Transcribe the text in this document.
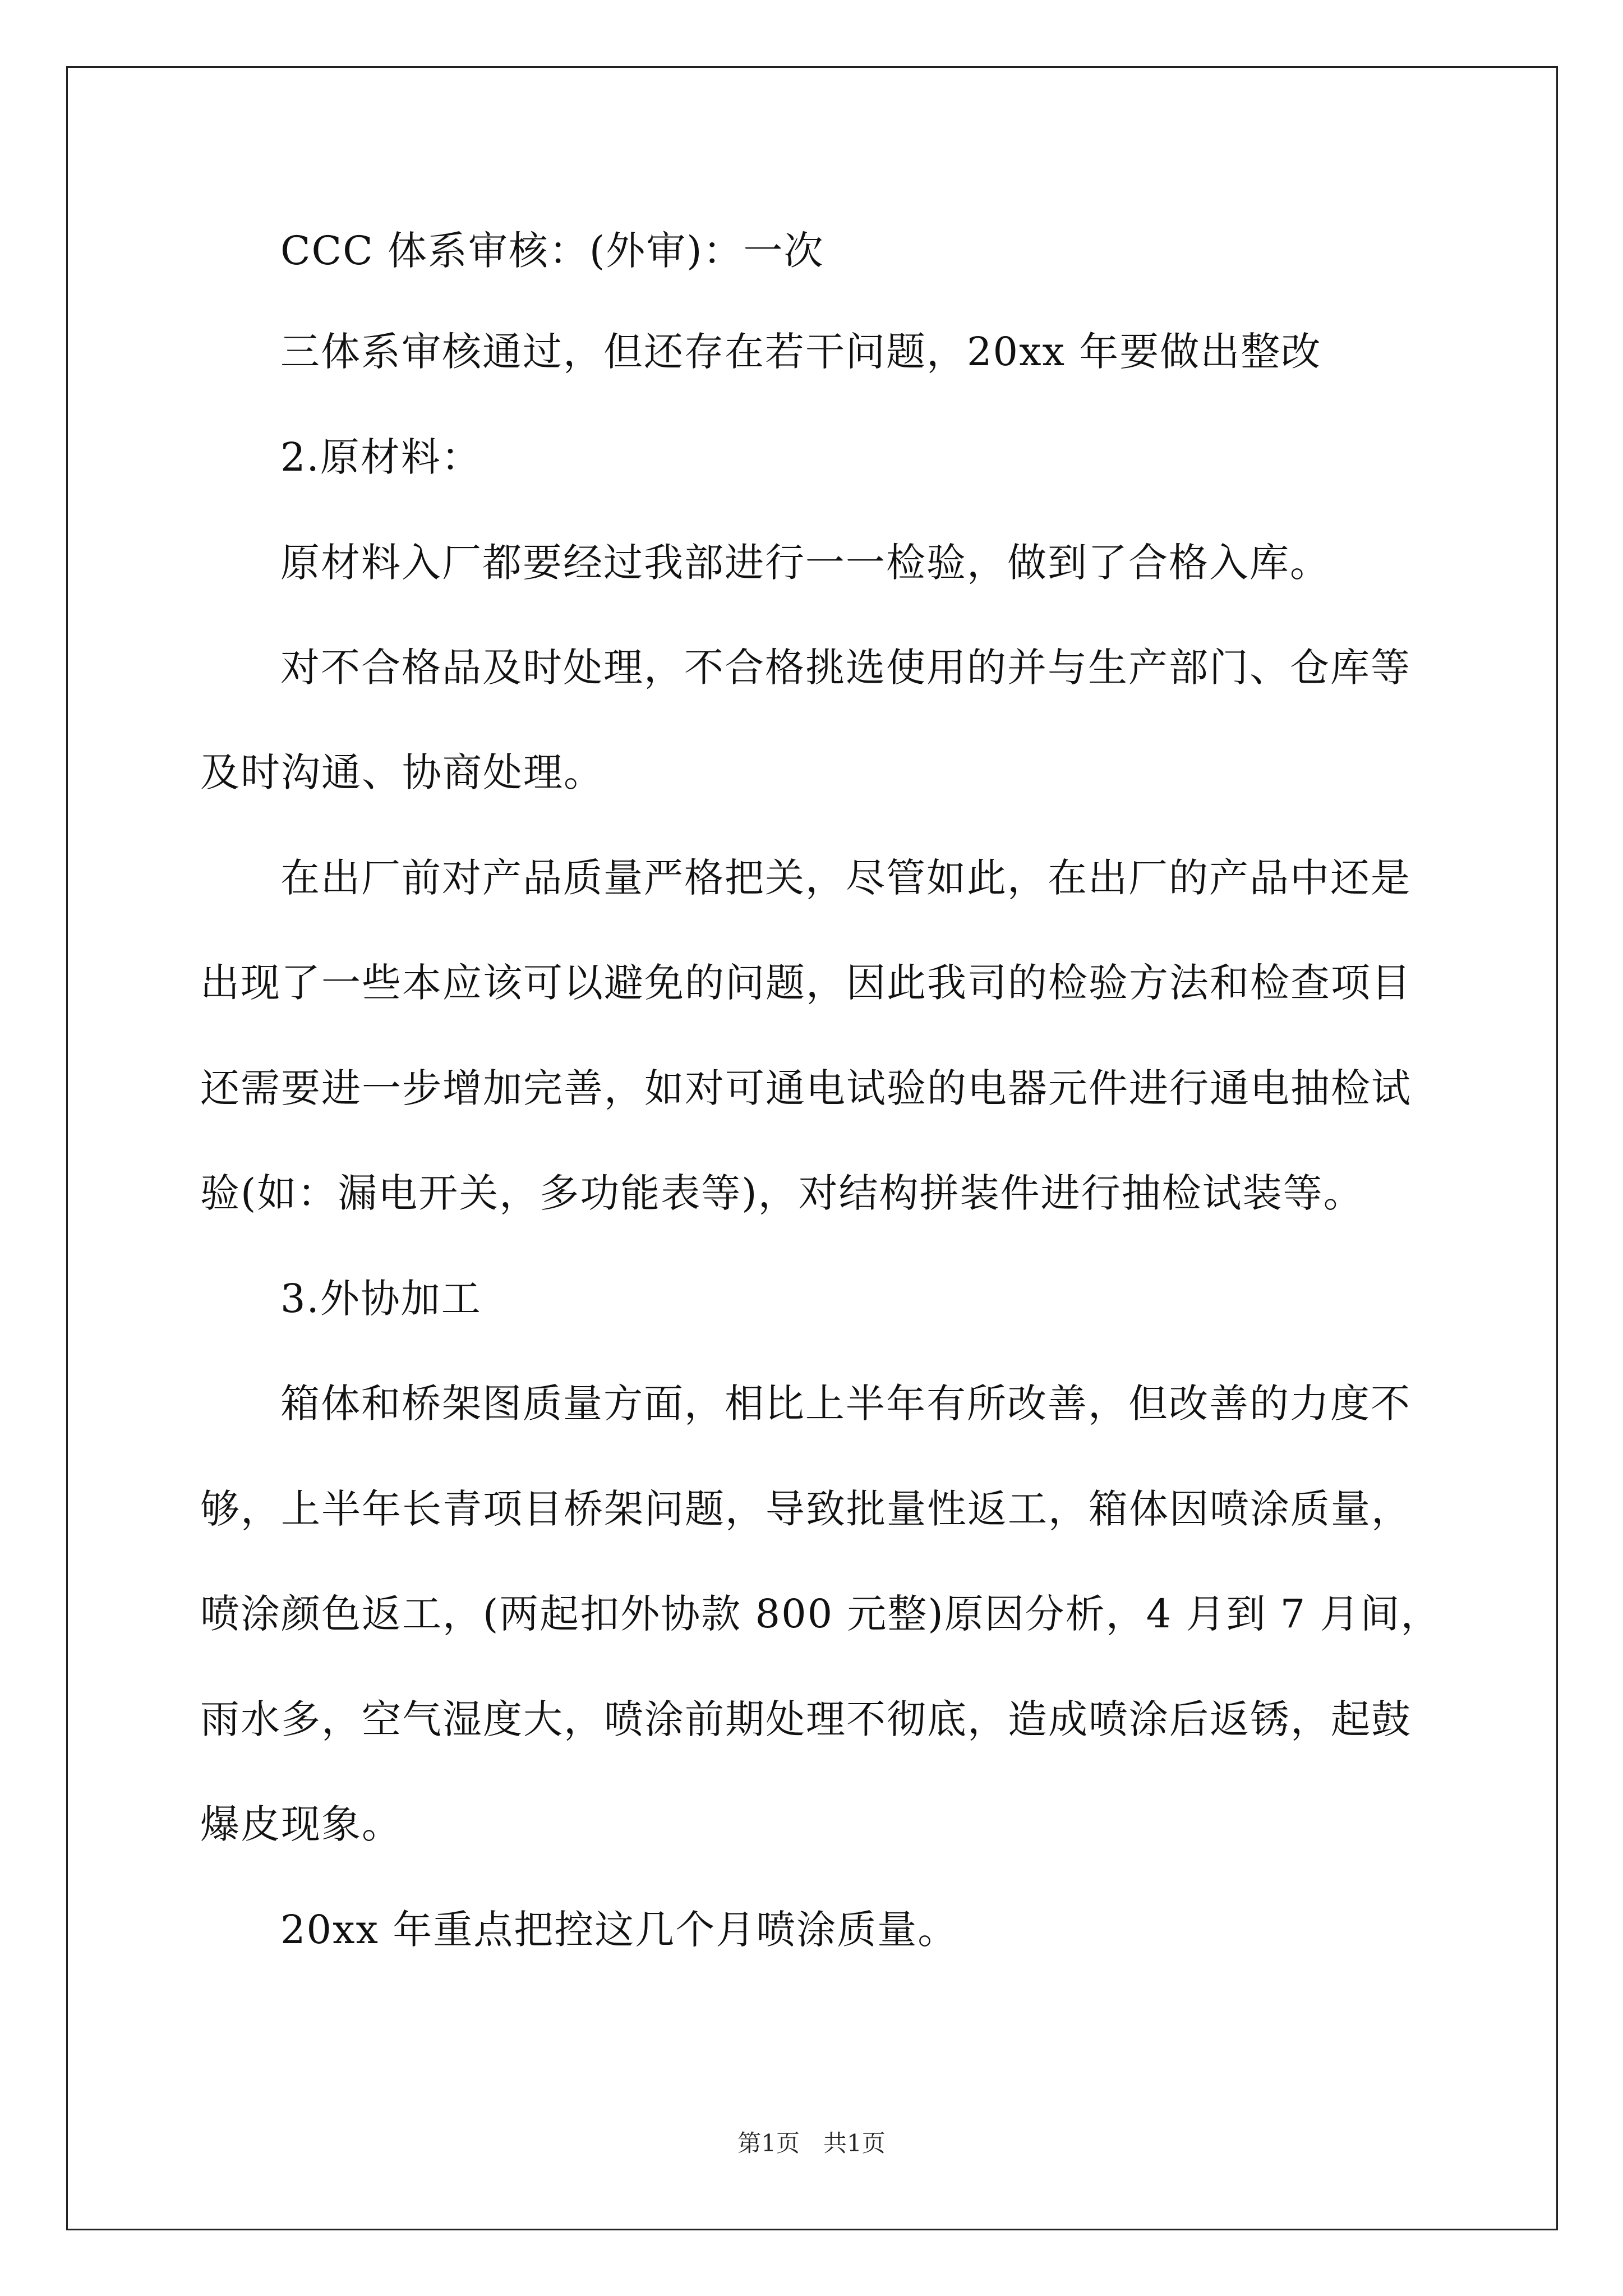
CCC 体系审核：(外审)：一次
三体系审核通过，但还存在若干问题，20xx 年要做出整改
2.原材料：
原材料入厂都要经过我部进行一一检验，做到了合格入库。
对不合格品及时处理，不合格挑选使用的并与生产部门、仓库等
及时沟通、协商处理。
在出厂前对产品质量严格把关，尽管如此，在出厂的产品中还是
出现了一些本应该可以避免的问题，因此我司的检验方法和检查项目
还需要进一步增加完善，如对可通电试验的电器元件进行通电抽检试
验(如：漏电开关，多功能表等)，对结构拼装件进行抽检试装等。
3.外协加工
箱体和桥架图质量方面，相比上半年有所改善，但改善的力度不
够，上半年长青项目桥架问题，导致批量性返工，箱体因喷涂质量，
喷涂颜色返工，(两起扣外协款 800 元整)原因分析，4 月到 7 月间，
雨水多，空气湿度大，喷涂前期处理不彻底，造成喷涂后返锈，起鼓
爆皮现象。
20xx 年重点把控这几个月喷涂质量。
第1页　共1页
